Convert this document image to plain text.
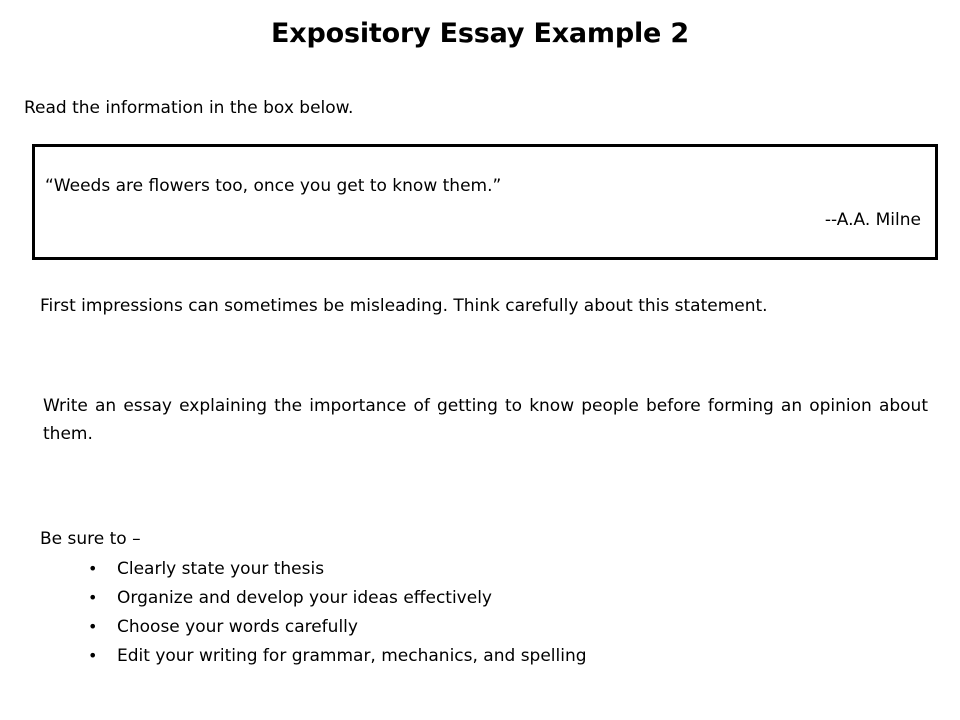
Expository Essay Example 2
Read the information in the box below.
“Weeds are flowers too, once you get to know them.”
--A.A. Milne
First impressions can sometimes be misleading. Think carefully about this statement.
Write an essay explaining the importance of getting to know people before forming an opinion about them.
Be sure to –
• Clearly state your thesis
• Organize and develop your ideas effectively
• Choose your words carefully
• Edit your writing for grammar, mechanics, and spelling
